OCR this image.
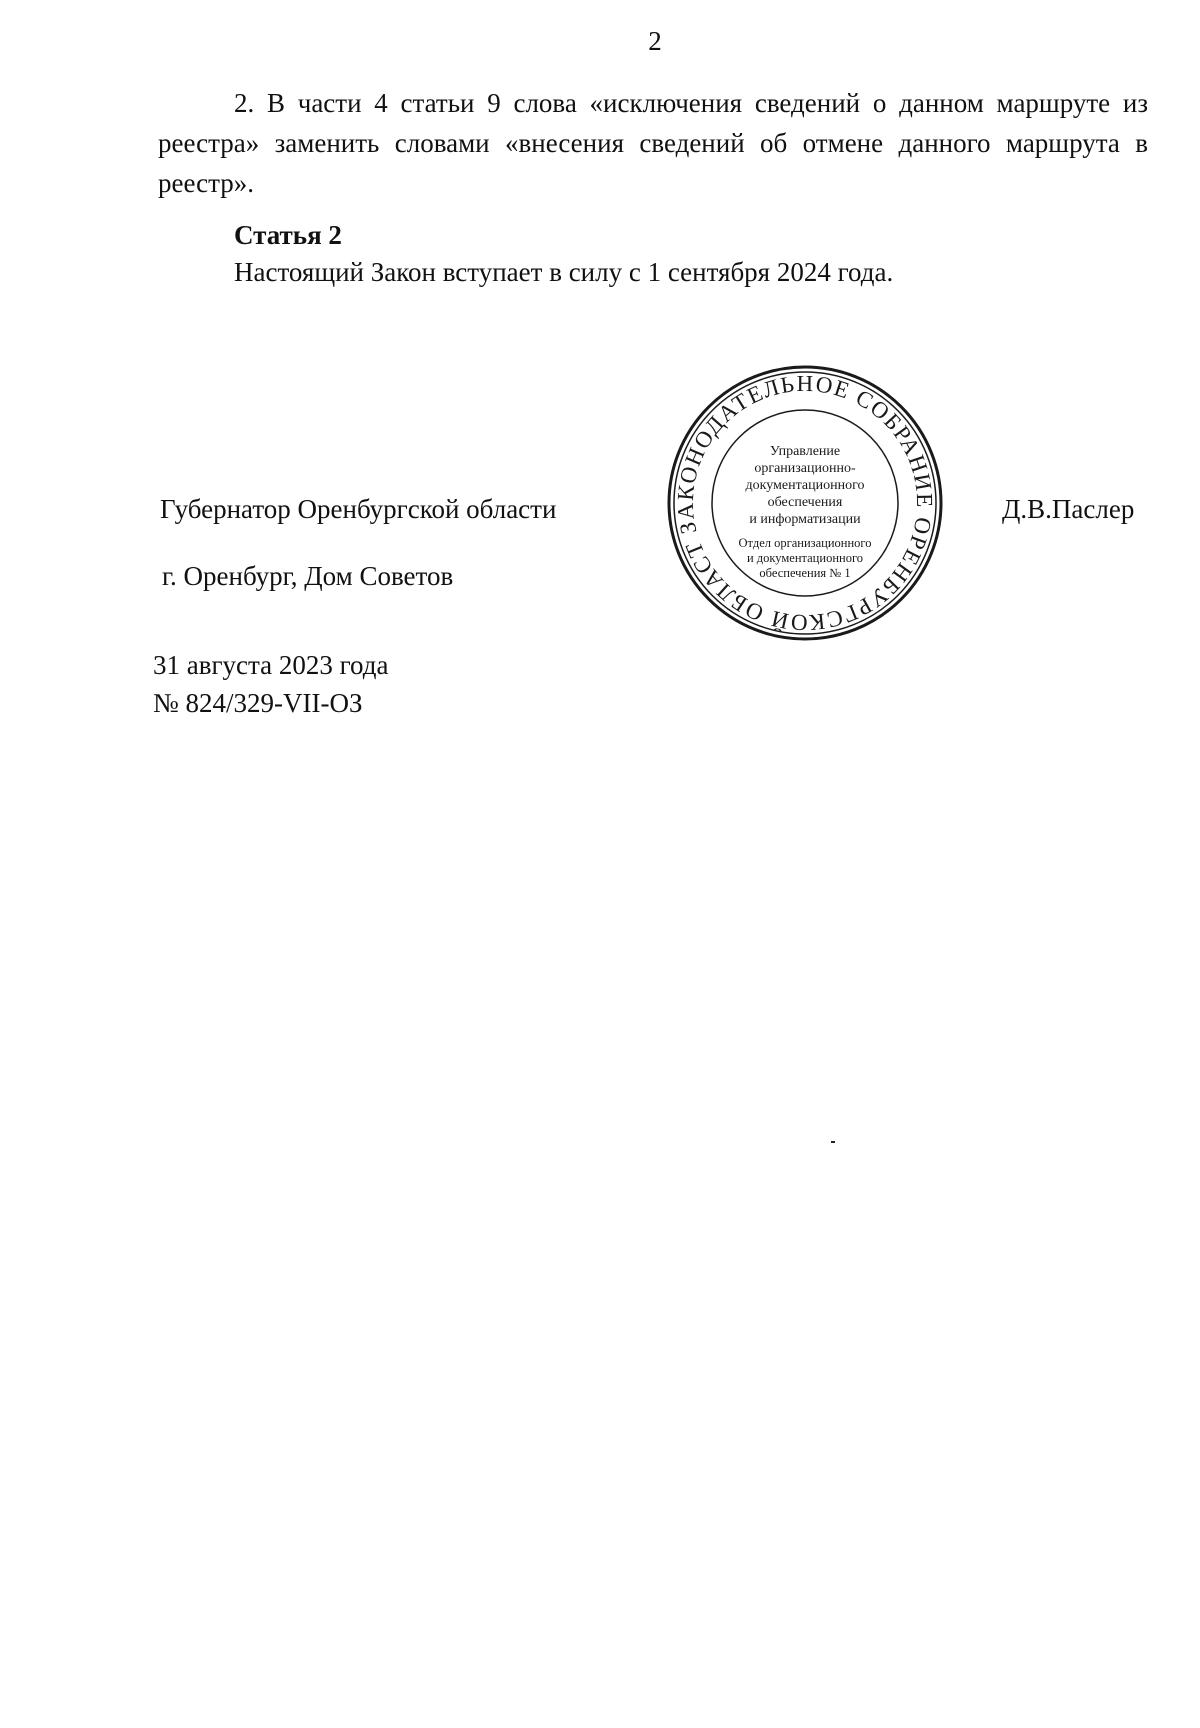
2

2. В части 4 статьи 9 слова «исключения сведений о данном маршруте из реестра» заменить словами «внесения сведений об отмене данного маршрута в реестр».

Статья 2

Настоящий Закон вступает в силу с 1 сентября 2024 года.

Губернатор Оренбургской области	Д.В.Паслер
г. Оренбург, Дом Советов
31 августа 2023 года
№ 824/329-VII-ОЗ
ЗАКОНОДАТЕЛЬНОЕ СОБРАНИЕ ОРЕНБУРГСКОЙ ОБЛАСТИ
Управление
организационно-
документационного
обеспечения
и информатизации
Отдел организационного
и документационного
обеспечения № 1
